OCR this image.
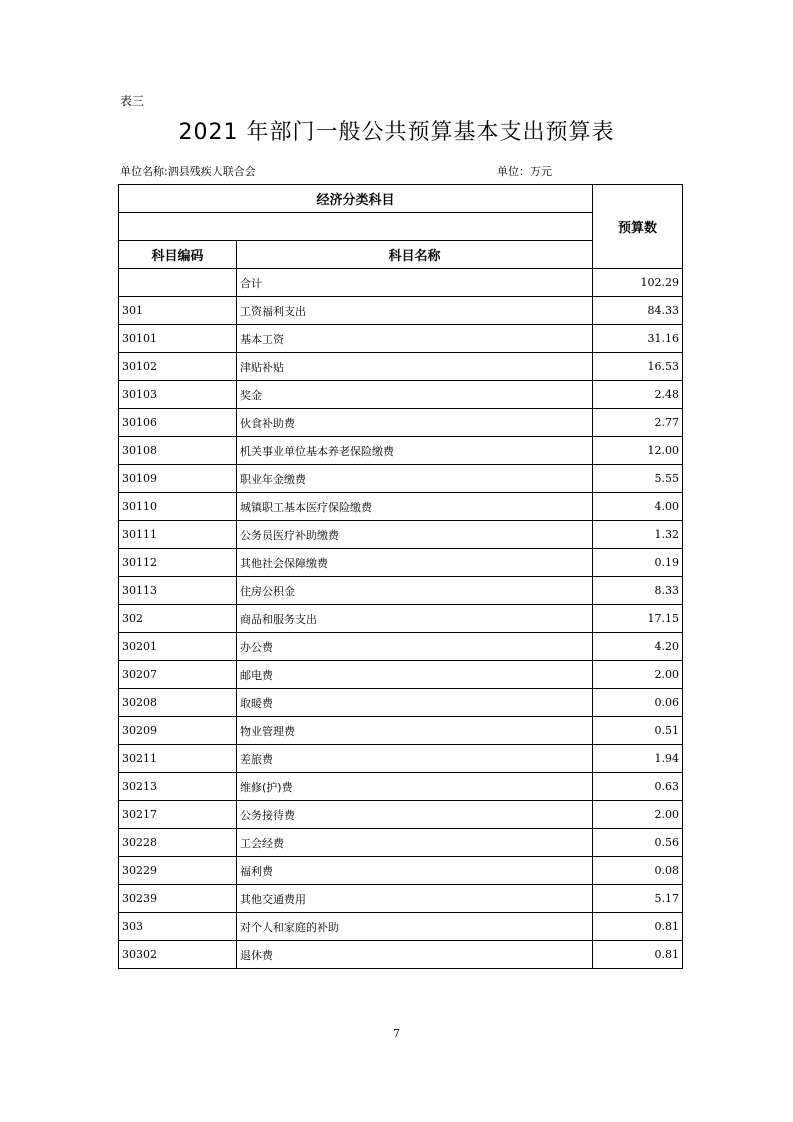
表三
2021 年部门一般公共预算基本支出预算表
单位名称:泗县残疾人联合会	单位：万元
经济分类科目		预算数

科目编码	科目名称	
	合计	102.29
301	工资福利支出	84.33
30101	基本工资	31.16
30102	津贴补贴	16.53
30103	奖金	2.48
30106	伙食补助费	2.77
30108	机关事业单位基本养老保险缴费	12.00
30109	职业年金缴费	5.55
30110	城镇职工基本医疗保险缴费	4.00
30111	公务员医疗补助缴费	1.32
30112	其他社会保障缴费	0.19
30113	住房公积金	8.33
302	商品和服务支出	17.15
30201	办公费	4.20
30207	邮电费	2.00
30208	取暖费	0.06
30209	物业管理费	0.51
30211	差旅费	1.94
30213	维修(护)费	0.63
30217	公务接待费	2.00
30228	工会经费	0.56
30229	福利费	0.08
30239	其他交通费用	5.17
303	对个人和家庭的补助	0.81
30302	退休费	0.81
7
